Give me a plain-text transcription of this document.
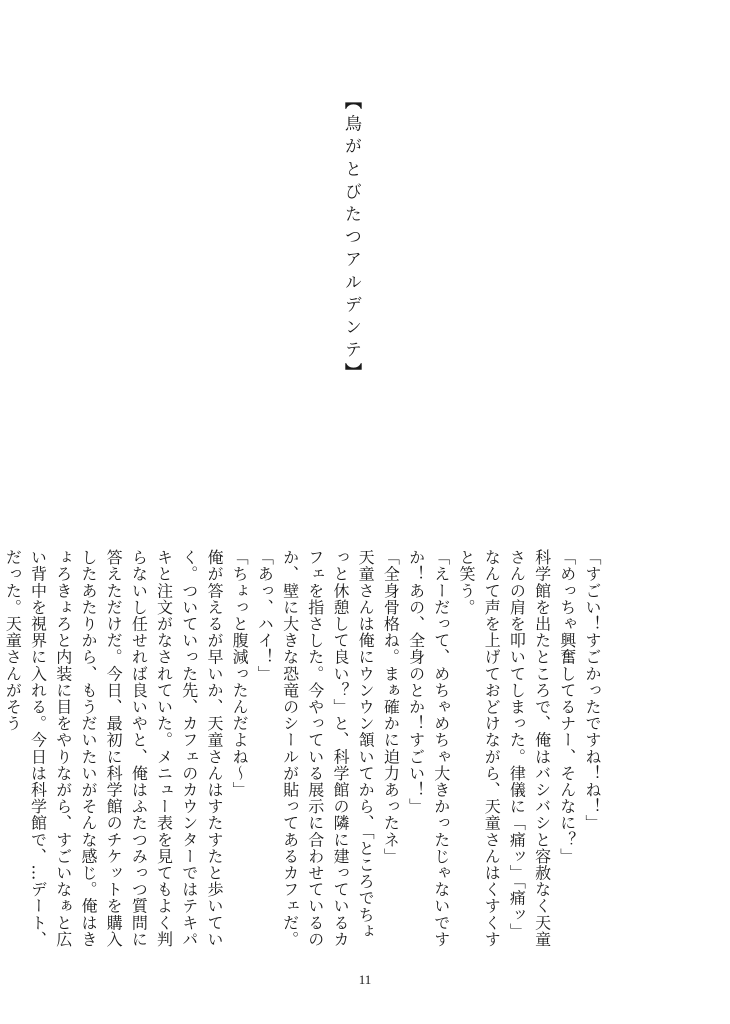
【鳥がとびたつアルデンテ】

「すごい！すごかったですね！ね！」

「めっちゃ興奮してるナー、そんなに？」

科学館を出たところで、俺はバシバシと容赦なく天童さんの肩を叩いてしまった。律儀に「痛ッ」「痛ッ」なんて声を上げておどけながら、天童さんはくすくすと笑う。

「えーだって、めちゃめちゃ大きかったじゃないですか！あの、全身のとか！すごい！」

「全身骨格ね。まぁ確かに迫力あったネ」

天童さんは俺にウンウン頷いてから、「ところでちょっと休憩して良い？」と、科学館の隣に建っているカフェを指さした。今やっている展示に合わせているのか、壁に大きな恐竜のシールが貼ってあるカフェだ。

「あっ、ハイ！」

「ちょっと腹減ったんだよね〜」

俺が答えるが早いか、天童さんはすたすたと歩いていく。ついていった先、カフェのカウンターではテキパキと注文がなされていた。メニュー表を見てもよく判らないし任せれば良いやと、俺はふたつみっつ質問に答えただけだ。今日、最初に科学館のチケットを購入したあたりから、もうだいたいがそんな感じ。俺はきょろきょろと内装に目をやりながら、すごいなぁと広い背中を視界に入れる。今日は科学館で、…デート、だった。天童さんがそう

11
